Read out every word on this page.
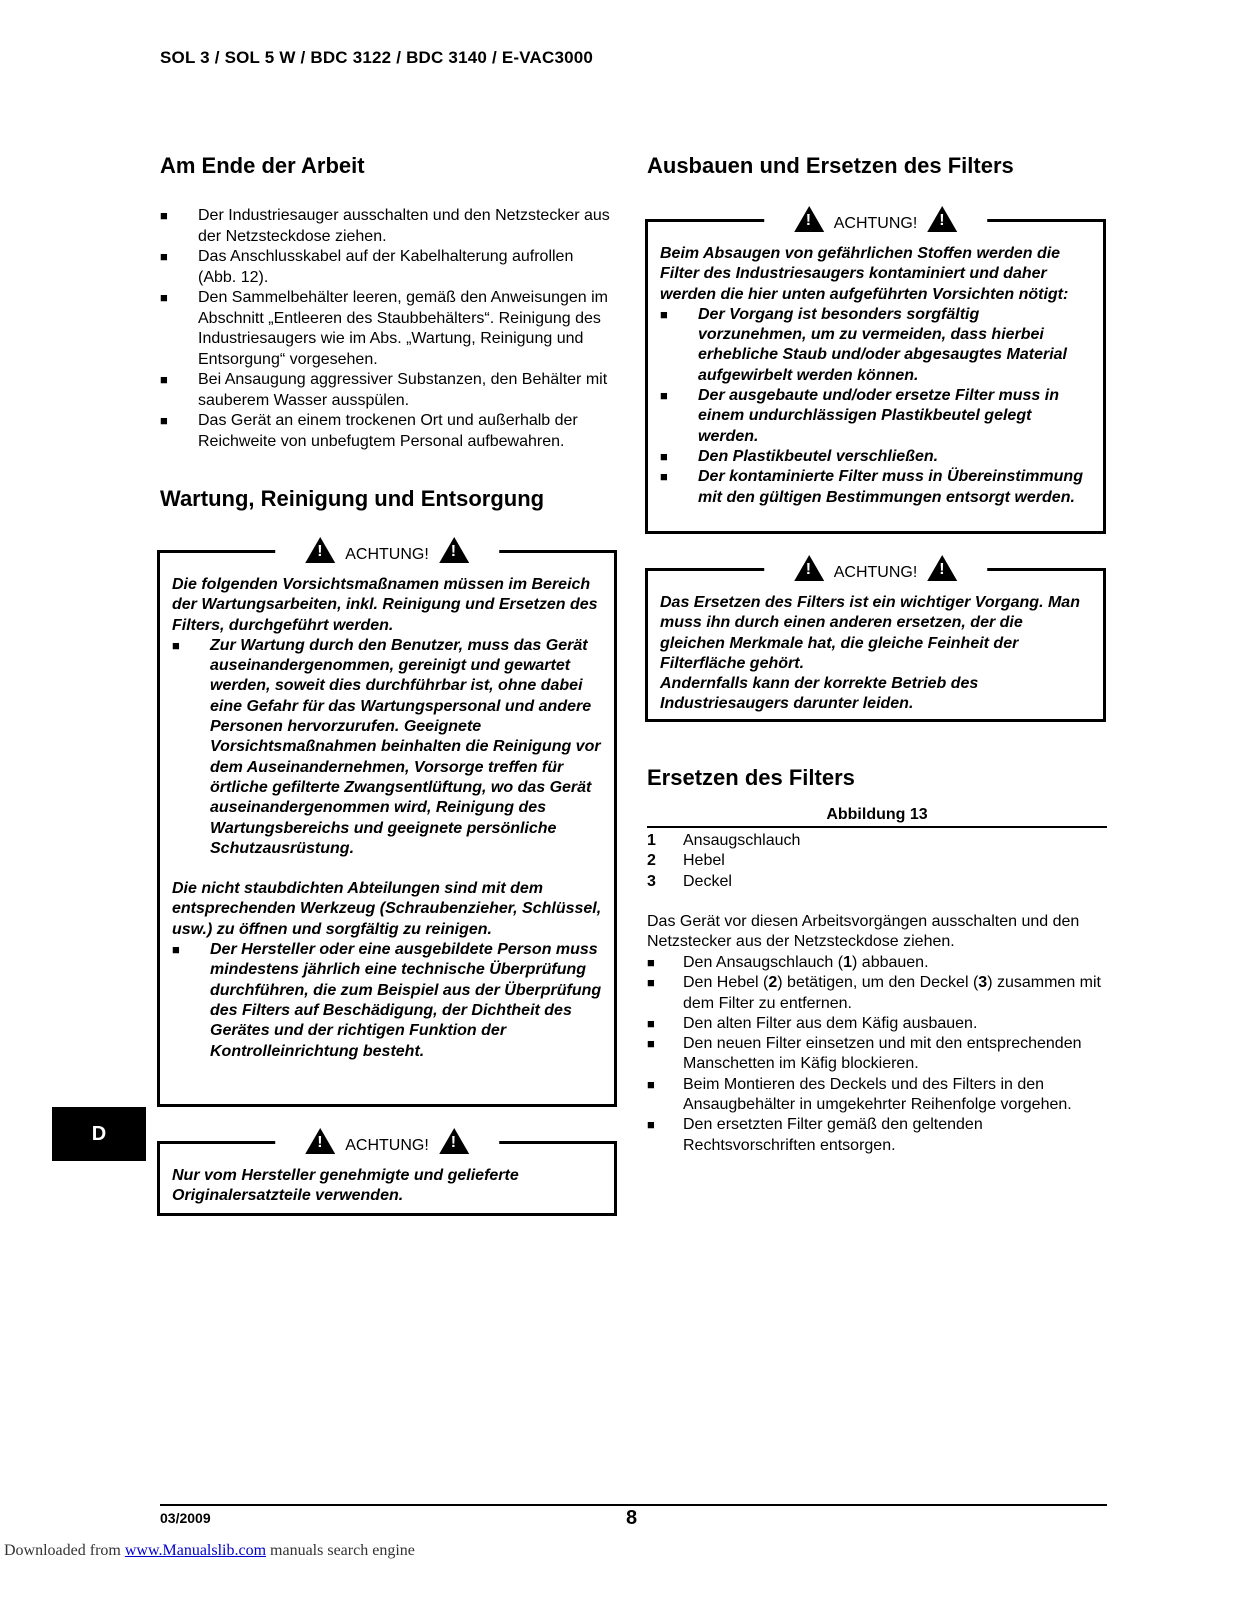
SOL 3 / SOL 5 W / BDC 3122 / BDC 3140 / E-VAC3000
Am Ende der Arbeit
■ Der Industriesauger ausschalten und den Netzstecker aus der Netzsteckdose ziehen.
■ Das Anschlusskabel auf der Kabelhalterung aufrollen (Abb. 12).
■ Den Sammelbehälter leeren, gemäß den Anweisungen im Abschnitt „Entleeren des Staubbehälters“. Reinigung des Industriesaugers wie im Abs. „Wartung, Reinigung und Entsorgung“ vorgesehen.
■ Bei Ansaugung aggressiver Substanzen, den Behälter mit sauberem Wasser ausspülen.
■ Das Gerät an einem trockenen Ort und außerhalb der Reichweite von unbefugtem Personal aufbewahren.
Wartung, Reinigung und Entsorgung
! ACHTUNG! !

Die folgenden Vorsichtsmaßnamen müssen im Bereich der Wartungsarbeiten, inkl. Reinigung und Ersetzen des Filters, durchgeführt werden.

■ Zur Wartung durch den Benutzer, muss das Gerät auseinandergenommen, gereinigt und gewartet werden, soweit dies durchführbar ist, ohne dabei eine Gefahr für das Wartungspersonal und andere Personen hervorzurufen. Geeignete Vorsichtsmaßnahmen beinhalten die Reinigung vor dem Auseinandernehmen, Vorsorge treffen für örtliche gefilterte Zwangsentlüftung, wo das Gerät auseinandergenommen wird, Reinigung des Wartungsbereichs und geeignete persönliche Schutzausrüstung.

Die nicht staubdichten Abteilungen sind mit dem entsprechenden Werkzeug (Schraubenzieher, Schlüssel, usw.) zu öffnen und sorgfältig zu reinigen.

■ Der Hersteller oder eine ausgebildete Person muss mindestens jährlich eine technische Überprüfung durchführen, die zum Beispiel aus der Überprüfung des Filters auf Beschädigung, der Dichtheit des Gerätes und der richtigen Funktion der Kontrolleinrichtung besteht.
D	! ACHTUNG! !

Nur vom Hersteller genehmigte und gelieferte Originalersatzteile verwenden.

Ausbauen und Ersetzen des Filters
! ACHTUNG! !

Beim Absaugen von gefährlichen Stoffen werden die Filter des Industriesaugers kontaminiert und daher werden die hier unten aufgeführten Vorsichten nötigt:

■ Der Vorgang ist besonders sorgfältig vorzunehmen, um zu vermeiden, dass hierbei erhebliche Staub und/oder abgesaugtes Material aufgewirbelt werden können.
■ Der ausgebaute und/oder ersetze Filter muss in einem undurchlässigen Plastikbeutel gelegt werden.
■ Den Plastikbeutel verschließen.
■ Der kontaminierte Filter muss in Übereinstimmung mit den gültigen Bestimmungen entsorgt werden.
! ACHTUNG! !

Das Ersetzen des Filters ist ein wichtiger Vorgang. Man muss ihn durch einen anderen ersetzen, der die gleichen Merkmale hat, die gleiche Feinheit der Filterfläche gehört.

Andernfalls kann der korrekte Betrieb des Industriesaugers darunter leiden.

Ersetzen des Filters
Abbildung 13
1	Ansaugschlauch
2	Hebel
3	Deckel

Das Gerät vor diesen Arbeitsvorgängen ausschalten und den Netzstecker aus der Netzsteckdose ziehen.

■ Den Ansaugschlauch (1) abbauen.
■ Den Hebel (2) betätigen, um den Deckel (3) zusammen mit dem Filter zu entfernen.
■ Den alten Filter aus dem Käfig ausbauen.
■ Den neuen Filter einsetzen und mit den entsprechenden Manschetten im Käfig blockieren.
■ Beim Montieren des Deckels und des Filters in den Ansaugbehälter in umgekehrter Reihenfolge vorgehen.
■ Den ersetzten Filter gemäß den geltenden Rechtsvorschriften entsorgen.
03/2009	8
Downloaded from www.Manualslib.com manuals search engine
